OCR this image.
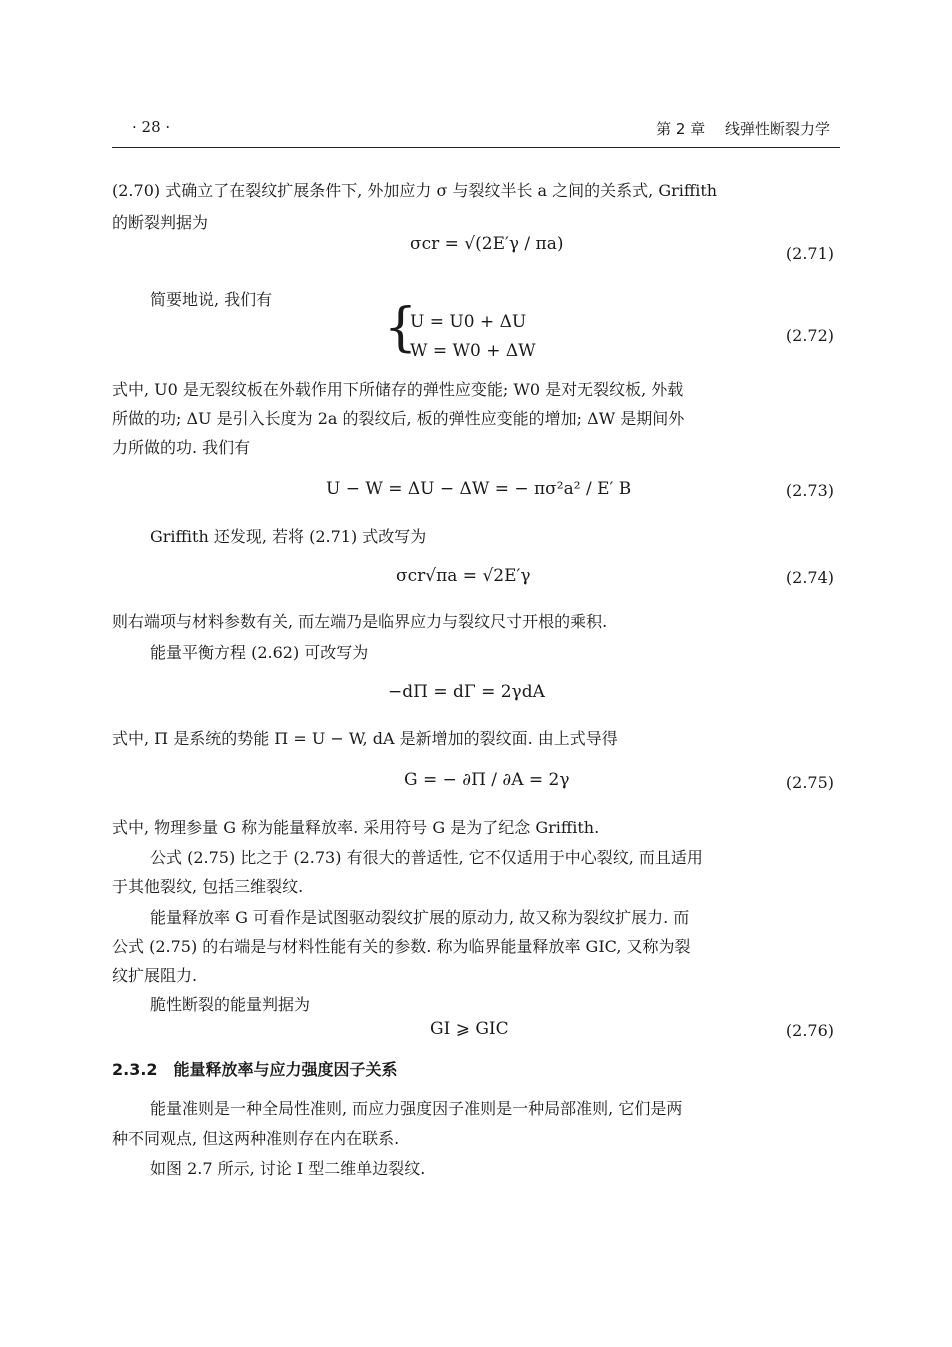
· 28 ·	第 2 章　 线弹性断裂力学
(2.70) 式确立了在裂纹扩展条件下, 外加应力 σ 与裂纹半长 a 之间的关系式, Griffith
的断裂判据为
σcr = √(2E′γ / πa)	(2.71)
简要地说, 我们有	{
U = U0 + ΔU
W = W0 + ΔW
(2.72)
式中, U0 是无裂纹板在外载作用下所储存的弹性应变能; W0 是对无裂纹板, 外载
所做的功; ΔU 是引入长度为 2a 的裂纹后, 板的弹性应变能的增加; ΔW 是期间外
力所做的功. 我们有
U − W = ΔU − ΔW = − πσ²a² / E′ B	(2.73)
Griffith 还发现, 若将 (2.71) 式改写为
σcr√πa = √2E′γ	(2.74)
则右端项与材料参数有关, 而左端乃是临界应力与裂纹尺寸开根的乘积.
能量平衡方程 (2.62) 可改写为
−dΠ = dΓ = 2γdA
式中, Π 是系统的势能 Π = U − W, dA 是新增加的裂纹面. 由上式导得
G = − ∂Π / ∂A = 2γ	(2.75)
式中, 物理参量 G 称为能量释放率. 采用符号 G 是为了纪念 Griffith.
公式 (2.75) 比之于 (2.73) 有很大的普适性, 它不仅适用于中心裂纹, 而且适用
于其他裂纹, 包括三维裂纹.
能量释放率 G 可看作是试图驱动裂纹扩展的原动力, 故又称为裂纹扩展力. 而
公式 (2.75) 的右端是与材料性能有关的参数. 称为临界能量释放率 GIC, 又称为裂
纹扩展阻力.
脆性断裂的能量判据为
GI ⩾ GIC	(2.76)
2.3.2　能量释放率与应力强度因子关系
能量准则是一种全局性准则, 而应力强度因子准则是一种局部准则, 它们是两
种不同观点, 但这两种准则存在内在联系.
如图 2.7 所示, 讨论 I 型二维单边裂纹.
